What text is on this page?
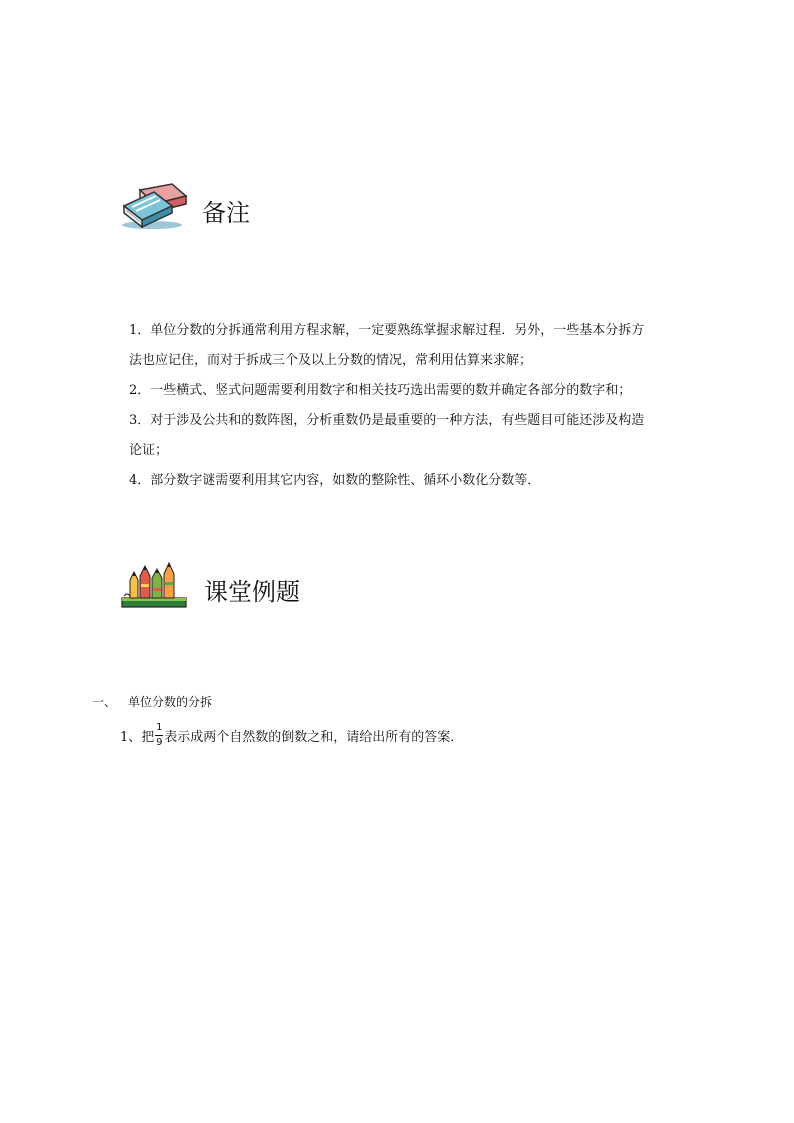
备注

1．单位分数的分拆通常利用方程求解，一定要熟练掌握求解过程．另外，一些基本分拆方

法也应记住，而对于拆成三个及以上分数的情况，常利用估算来求解；

2．一些横式、竖式问题需要利用数字和相关技巧选出需要的数并确定各部分的数字和；

3．对于涉及公共和的数阵图，分析重数仍是最重要的一种方法，有些题目可能还涉及构造

论证；

4．部分数字谜需要利用其它内容，如数的整除性、循环小数化分数等．

课堂例题
一、 单位分数的分拆
1、把 $\frac{1}{9}$ 表示成两个自然数的倒数之和，请给出所有的答案．
